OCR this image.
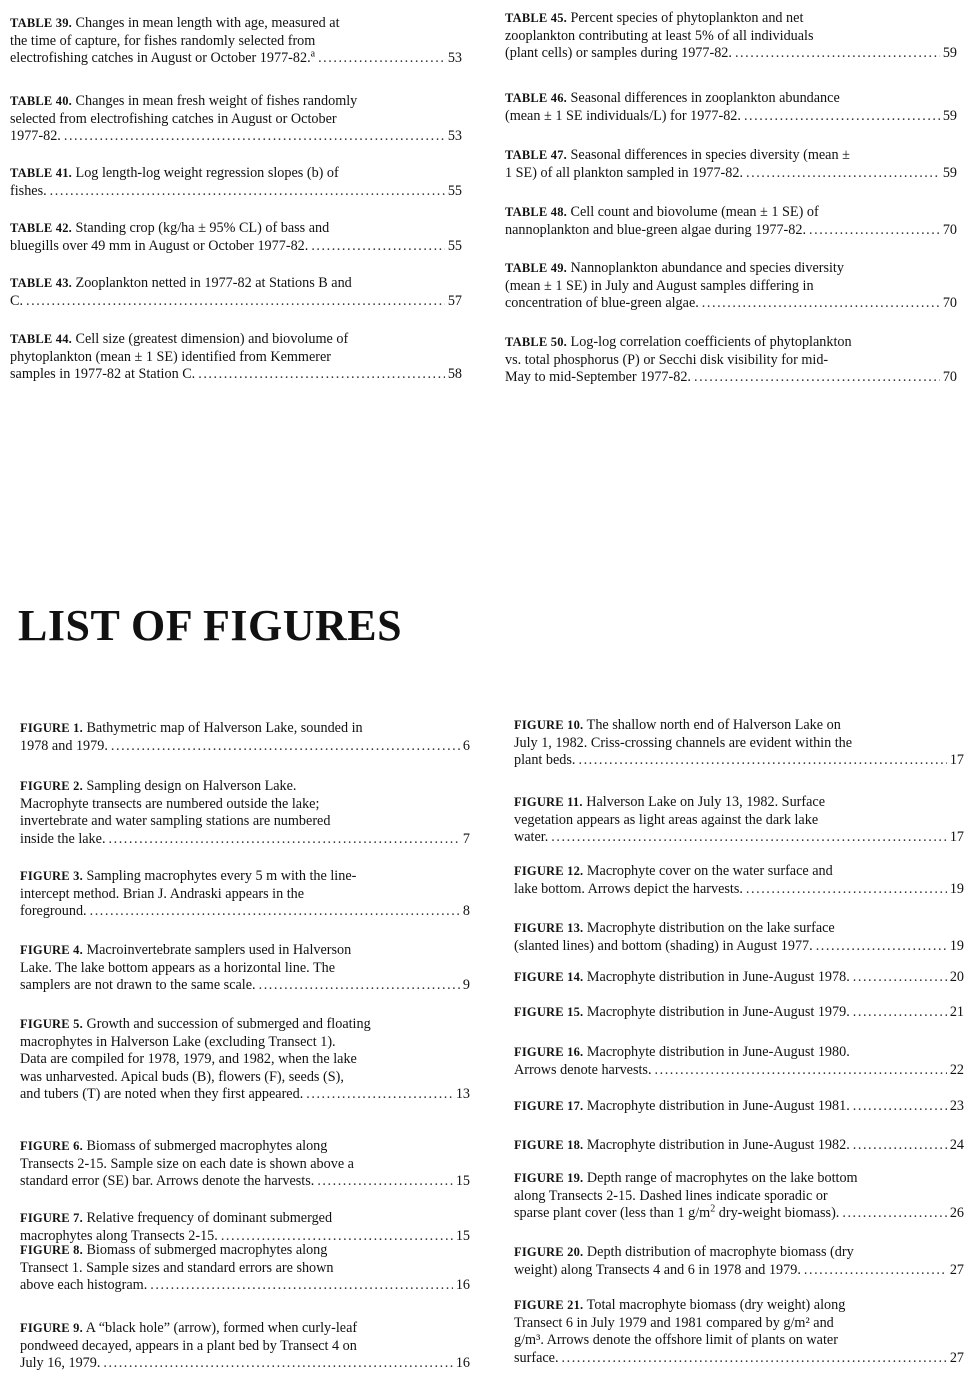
TABLE 39. Changes in mean length with age, measured at
the time of capture, for fishes randomly selected from
electrofishing catches in August or October 1977-82.$^a$ . . .	53
TABLE 40. Changes in mean fresh weight of fishes randomly
selected from electrofishing catches in August or October
1977-82. . . .	53
TABLE 41. Log length-log weight regression slopes (b) of
fishes. . . .	55
TABLE 42. Standing crop (kg/ha ± 95% CL) of bass and
bluegills over 49 mm in August or October 1977-82. . . .	55
TABLE 43. Zooplankton netted in 1977-82 at Stations B and
C. . . .	57
TABLE 44. Cell size (greatest dimension) and biovolume of
phytoplankton (mean ± 1 SE) identified from Kemmerer
samples in 1977-82 at Station C. . . .	58
TABLE 45. Percent species of phytoplankton and net
zooplankton contributing at least 5% of all individuals
(plant cells) or samples during 1977-82. . . .	59
TABLE 46. Seasonal differences in zooplankton abundance
(mean ± 1 SE individuals/L) for 1977-82. . . .	59
TABLE 47. Seasonal differences in species diversity (mean ±
1 SE) of all plankton sampled in 1977-82. . . .	59
TABLE 48. Cell count and biovolume (mean ± 1 SE) of
nannoplankton and blue-green algae during 1977-82. . . .	70
TABLE 49. Nannoplankton abundance and species diversity
(mean ± 1 SE) in July and August samples differing in
concentration of blue-green algae. . . .	70
TABLE 50. Log-log correlation coefficients of phytoplankton
vs. total phosphorus (P) or Secchi disk visibility for mid-
May to mid-September 1977-82. . . .	70
LIST OF FIGURES
FIGURE 1. Bathymetric map of Halverson Lake, sounded in
1978 and 1979. . . .	6
FIGURE 2. Sampling design on Halverson Lake.
Macrophyte transects are numbered outside the lake;
invertebrate and water sampling stations are numbered
inside the lake. . . .	7
FIGURE 3. Sampling macrophytes every 5 m with the line-
intercept method. Brian J. Andraski appears in the
foreground. . . .	8
FIGURE 4. Macroinvertebrate samplers used in Halverson
Lake. The lake bottom appears as a horizontal line. The
samplers are not drawn to the same scale. . . .	9
FIGURE 5. Growth and succession of submerged and floating
macrophytes in Halverson Lake (excluding Transect 1).
Data are compiled for 1978, 1979, and 1982, when the lake
was unharvested. Apical buds (B), flowers (F), seeds (S),
and tubers (T) are noted when they first appeared. . . .	13
FIGURE 6. Biomass of submerged macrophytes along
Transects 2-15. Sample size on each date is shown above a
standard error (SE) bar. Arrows denote the harvests. . . .	15
FIGURE 7. Relative frequency of dominant submerged
macrophytes along Transects 2-15. . . .	15
FIGURE 8. Biomass of submerged macrophytes along
Transect 1. Sample sizes and standard errors are shown
above each histogram. . . .	16
FIGURE 9. A “black hole” (arrow), formed when curly-leaf
pondweed decayed, appears in a plant bed by Transect 4 on
July 16, 1979. . . .	16
FIGURE 10. The shallow north end of Halverson Lake on
July 1, 1982. Criss-crossing channels are evident within the
plant beds. . . .	17
FIGURE 11. Halverson Lake on July 13, 1982. Surface
vegetation appears as light areas against the dark lake
water. . . .	17
FIGURE 12. Macrophyte cover on the water surface and
lake bottom. Arrows depict the harvests. . . .	19
FIGURE 13. Macrophyte distribution on the lake surface
(slanted lines) and bottom (shading) in August 1977. . . .	19
FIGURE 14.
Macrophyte distribution in June-August 1978. . . .	20
FIGURE 15.
Macrophyte distribution in June-August 1979. . . .	21
FIGURE 16. Macrophyte distribution in June-August 1980.
Arrows denote harvests. . . .	22
FIGURE 17.
Macrophyte distribution in June-August 1981. . . .	23
FIGURE 18.
Macrophyte distribution in June-August 1982. . . .	24
FIGURE 19. Depth range of macrophytes on the lake bottom
along Transects 2-15. Dashed lines indicate sporadic or
sparse plant cover (less than 1 $g/m^2$ dry-weight biomass). . . .	26
FIGURE 20. Depth distribution of macrophyte biomass (dry
weight) along Transects 4 and 6 in 1978 and 1979. . . .	27
FIGURE 21. Total macrophyte biomass (dry weight) along
Transect 6 in July 1979 and 1981 compared by g/m² and
g/m³. Arrows denote the offshore limit of plants on water
surface. . . .	27
